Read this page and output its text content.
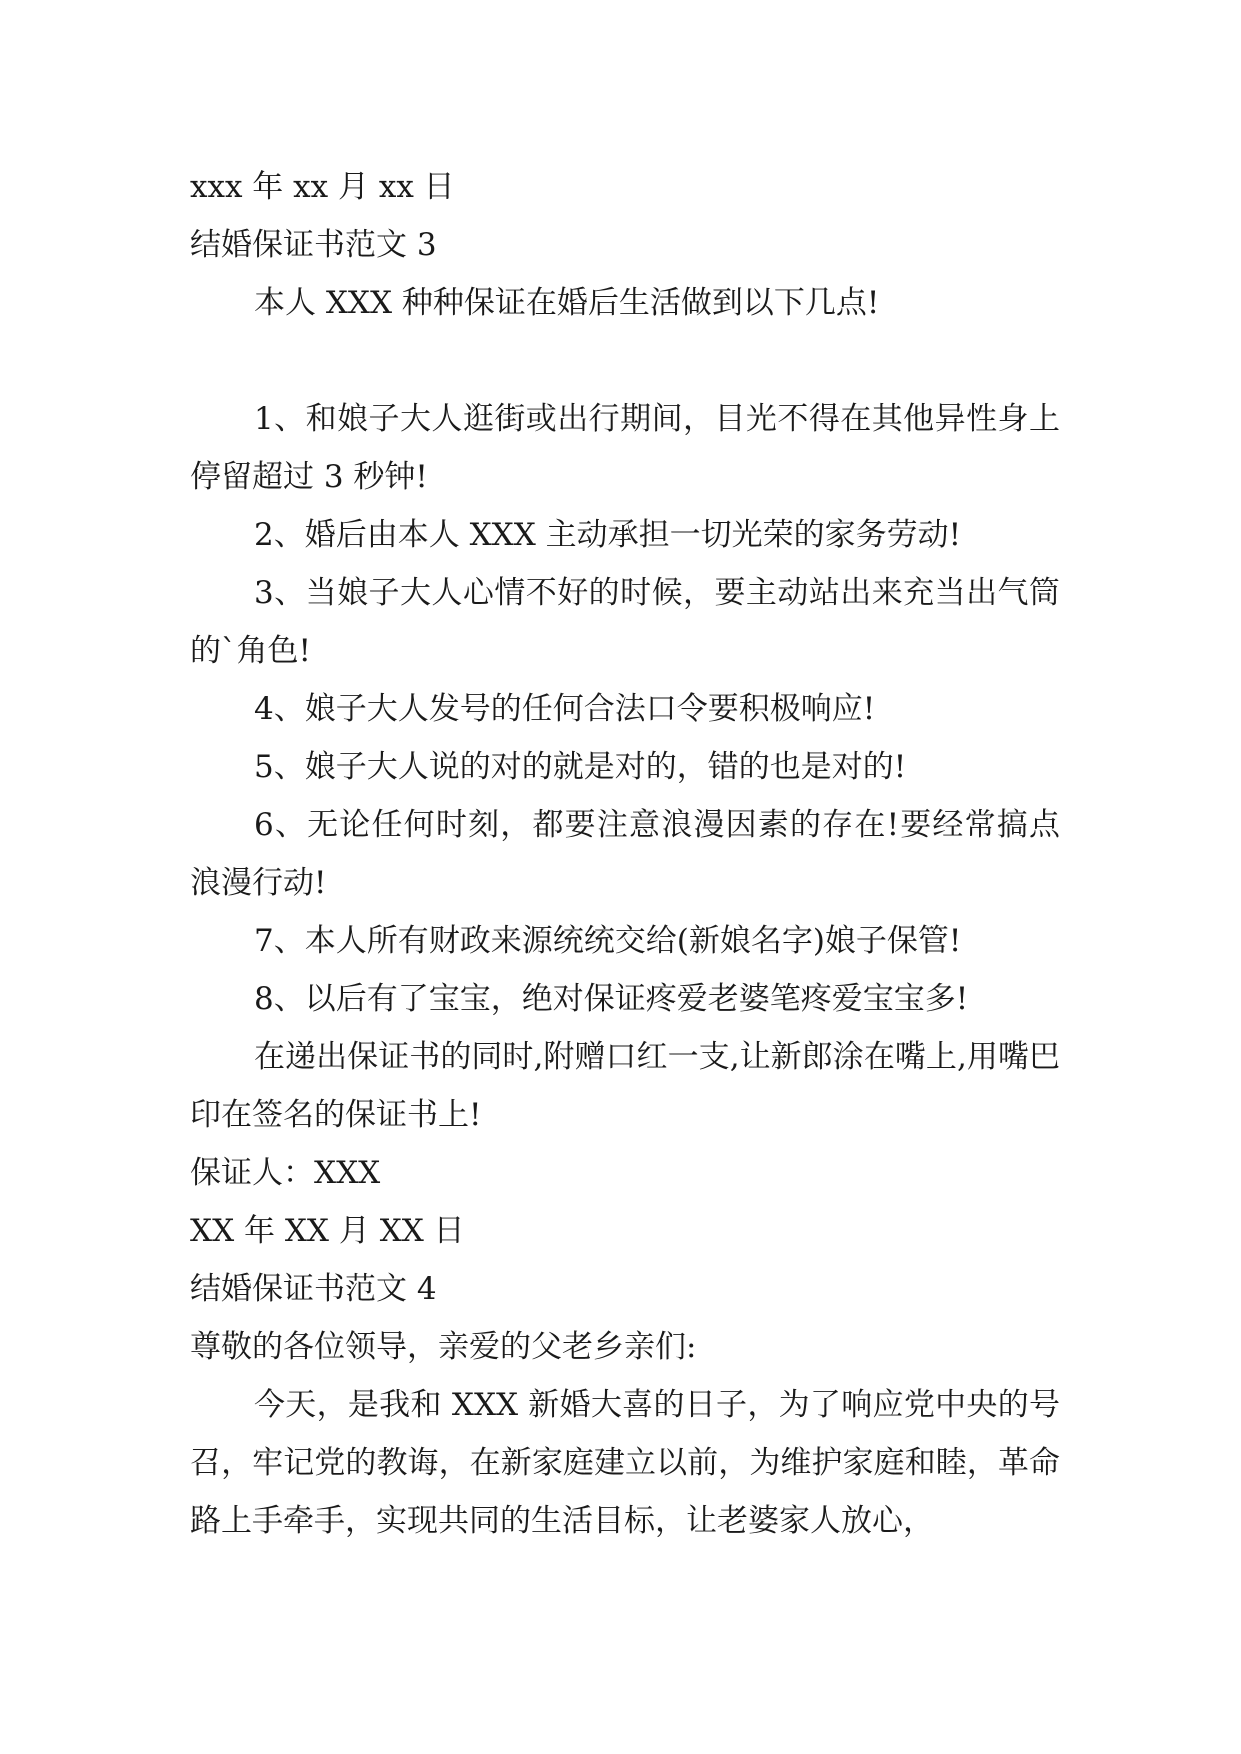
xxx 年 xx 月 xx 日

结婚保证书范文 3

本人 XXX 种种保证在婚后生活做到以下几点!

1、和娘子大人逛街或出行期间，目光不得在其他异性身上停留超过 3 秒钟!

2、婚后由本人 XXX 主动承担一切光荣的家务劳动!

3、当娘子大人心情不好的时候，要主动站出来充当出气筒的`角色!

4、娘子大人发号的任何合法口令要积极响应!

5、娘子大人说的对的就是对的，错的也是对的!

6、无论任何时刻，都要注意浪漫因素的存在!要经常搞点浪漫行动!

7、本人所有财政来源统统交给(新娘名字)娘子保管!

8、以后有了宝宝，绝对保证疼爱老婆笔疼爱宝宝多!

在递出保证书的同时,附赠口红一支,让新郎涂在嘴上,用嘴巴印在签名的保证书上!

保证人：XXX

XX 年 XX 月 XX 日

结婚保证书范文 4

尊敬的各位领导，亲爱的父老乡亲们:

今天，是我和 XXX 新婚大喜的日子，为了响应党中央的号召，牢记党的教诲，在新家庭建立以前，为维护家庭和睦，革命路上手牵手，实现共同的生活目标，让老婆家人放心，
